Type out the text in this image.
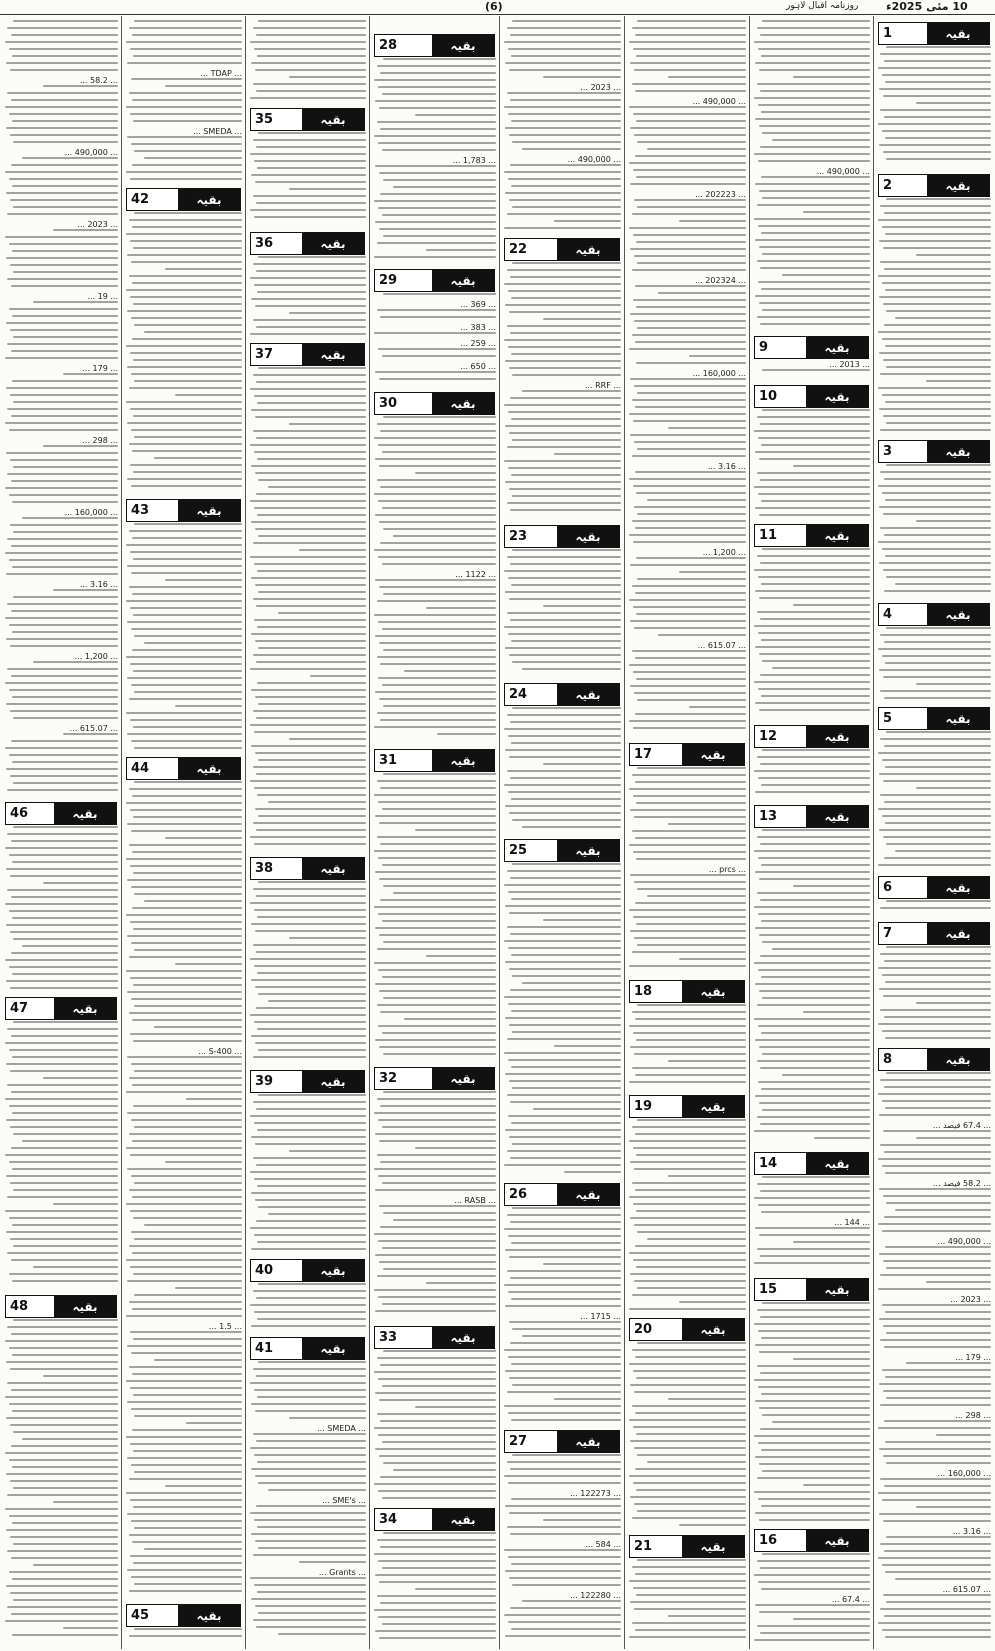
(6)	روزنامہ اقبال لاہور	10 مئی 2025ء
1	بقیہ
2	بقیہ
3	بقیہ
4	بقیہ
5	بقیہ
6	بقیہ
7	بقیہ
8	بقیہ
... 67.4 فیصد ...
... 58.2 فیصد ...
... 490,000 ...
... 2023 ...
... 179 ...
... 298 ...
... 160,000 ...
... 3.16 ...
... 615.07 ...
... 490,000 ...
9	بقیہ
... 2013 ...
10	بقیہ
11	بقیہ
12	بقیہ
13	بقیہ
14	بقیہ
... 144 ...
15	بقیہ
16	بقیہ
... 67.4 ...
... 490,000 ...
... 202223 ...
... 202324 ...
... 160,000 ...
... 3.16 ...
... 1,200 ...
... 615.07 ...
17	بقیہ
... prcs ...
18	بقیہ
19	بقیہ
20	بقیہ
21	بقیہ
... 2023 ...
... 490,000 ...
22	بقیہ
... RRF ...
23	بقیہ
24	بقیہ
25	بقیہ
26	بقیہ
... 1715 ...
27	بقیہ
... 122273 ...
... 584 ...
... 122280 ...
28	بقیہ
... 1,783 ...
29	بقیہ
... 369 ...
... 383 ...
... 259 ...
... 650 ...
30	بقیہ
... 1122 ...
31	بقیہ
32	بقیہ
... RASB ...
33	بقیہ
34	بقیہ
35	بقیہ
36	بقیہ
37	بقیہ
38	بقیہ
39	بقیہ
40	بقیہ
41	بقیہ
... SMEDA ...
... SME's ...
... Grants ...
... TDAP ...
... SMEDA ...
42	بقیہ
43	بقیہ
44	بقیہ
... 400-S ...
... 1.5 ...
45	بقیہ
... 58.2 ...
... 490,000 ...
... 2023 ...
... 19 ...
... 179 ...
... 298 ...
... 160,000 ...
... 3.16 ...
... 1,200 ...
... 615.07 ...
46	بقیہ
47	بقیہ
48	بقیہ
